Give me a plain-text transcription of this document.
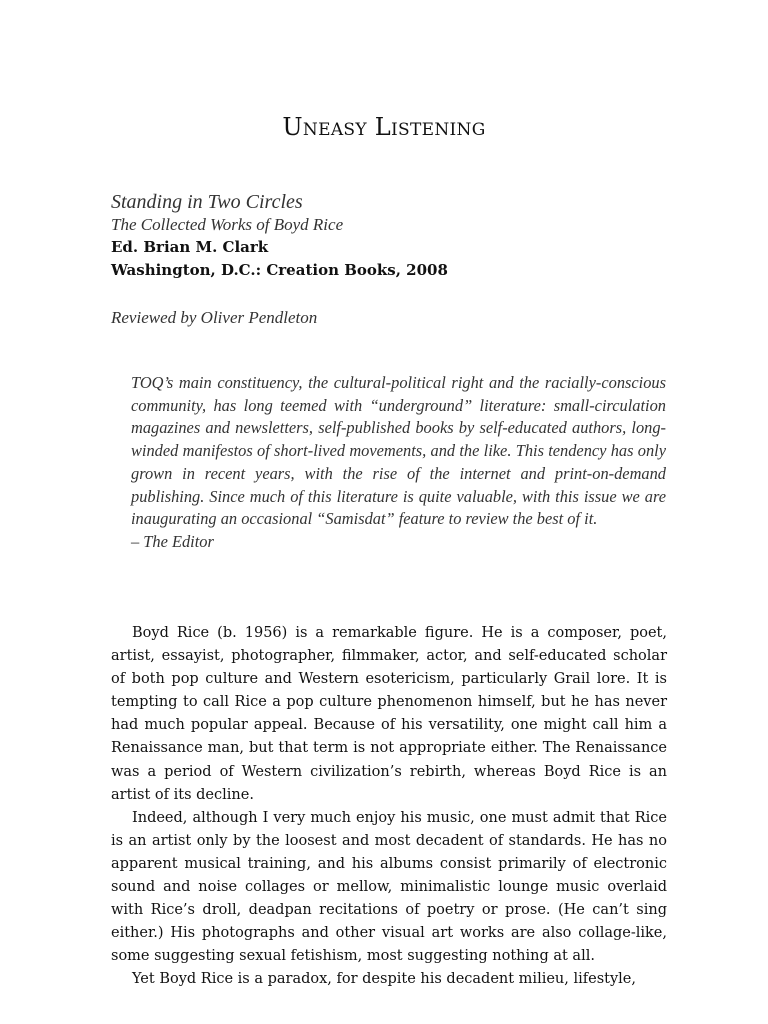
Uneasy Listening

Standing in Two Circles

The Collected Works of Boyd Rice

Ed. Brian M. Clark

Washington, D.C.: Creation Books, 2008

Reviewed by Oliver Pendleton

TOQ’s main constituency, the cultural-political right and the racially-conscious community, has long teemed with “underground” literature: small-circulation magazines and newsletters, self-published books by self-educated authors, long-winded manifestos of short-lived movements, and the like. This tendency has only grown in recent years, with the rise of the internet and print-on-demand publishing. Since much of this literature is quite valuable, with this issue we are inaugurating an occasional “Samisdat” feature to review the best of it.

– The Editor

Boyd Rice (b. 1956) is a remarkable figure. He is a composer, poet, artist, essayist, photographer, filmmaker, actor, and self-educated scholar of both pop culture and Western esotericism, particularly Grail lore. It is tempting to call Rice a pop culture phenomenon himself, but he has never had much popular appeal. Because of his versatility, one might call him a Renaissance man, but that term is not appropriate either. The Renaissance was a period of Western civilization’s rebirth, whereas Boyd Rice is an artist of its decline.

Indeed, although I very much enjoy his music, one must admit that Rice is an artist only by the loosest and most decadent of standards. He has no apparent musical training, and his albums consist primarily of electronic sound and noise collages or mellow, minimalistic lounge music overlaid with Rice’s droll, deadpan recitations of poetry or prose. (He can’t sing either.) His photographs and other visual art works are also collage-like, some suggesting sexual fetishism, most suggesting nothing at all.

Yet Boyd Rice is a paradox, for despite his decadent milieu, lifestyle,
